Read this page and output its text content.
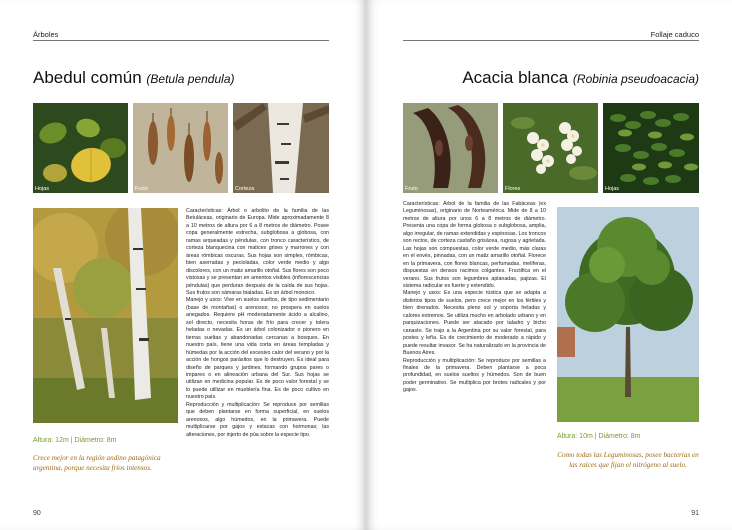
Árboles
Abedul común (Betula pendula)
Hojas	Fruto	Corteza
Altura: 12m | Diámetro: 8m
Crece mejor en la región andino patagónica argentina, porque necesita fríos intensos.

Características: Árbol o arbolito de la familia de las Betuláceas, originario de Europa. Mide aproximadamente 8 a 10 metros de altura por 6 a 8 metros de diámetro. Posee copa generalmente estrecha, subglobosa a globosa, con ramas arqueadas y péndulas, con tronco característico, de corteza blanquecina con matices grises y marrones y con áreas rómbicas oscuras. Sus hojas son simples, rómbicas, bien aserradas y pecioladas, color verde medio y algo discolores, con un matiz amarillo otoñal. Sus flores son poco vistosas y se presentan en amentos visibles (inflorescencias péndulas) que perduran después de la caída de sus hojas. Sus frutos son sámaras bialadas. Es un árbol monoico.

Manejo y usos: Vive en suelos sueltos, de tipo sedimentario (base de montañas) o arenosos; no prospera en suelos anegados. Requiere pH moderadamente ácido a alcalino, sol directo, necesita horas de frío para crecer y tolera heladas o nevadas. Es un árbol colonizador o pionero en tierras sueltas y abandonadas cercanas a bosques. En nuestro país, tiene una vida corta en áreas templadas y húmedas por la acción del excesivo calor del verano y por la acción de hongos parásitos que lo destruyen. Es ideal para diseño de parques y jardines, formando grupos pares o impares o en alineación urbana del Sur. Sus hojas se utilizan en medicina popular. Es de poco valor forestal y se lo puede utilizar en mueblería fina. Es de poco cultivo en nuestro país.

Reproducción y multiplicación: Se reproduce por semillas que deben plantarse en forma superficial, en suelos arenosos, algo húmedos, en la primavera. Puede multiplicarse por gajos y estacas con hormonas; las alteraciones, por injerto de púa sobre la especie tipo.

90
Follaje caduco
Acacia blanca (Robinia pseudoacacia)
Fruto	Flores	Hojas

Características: Árbol de la familia de las Fabáceas (ex Leguminosas), originario de Norteamérica. Mide de 8 a 10 metros de altura por unos 6 a 8 metros de diámetro. Presenta una copa de forma globosa o subglobosa, amplia, algo irregular, de ramas extendidas y espinosas. Los troncos son rectos, de corteza castaño grisácea, rugosa y agrietada. Las hojas son compuestas, color verde medio, más claras en el envés, pinnadas, con un matiz amarillo otoñal. Florece en la primavera, con flores blancas, perfumadas, melíferas, dispuestas en densos racimos colgantes. Fructifica en el verano. Sus frutos son legumbres aplanadas, pajizas. El sistema radicular es fuerte y extendido.

Manejo y usos: Es una especie rústica que se adapta a distintos tipos de suelos, pero crece mejor en los fértiles y bien drenados. Necesita pleno sol y soporta heladas y calores extremos. Se utiliza mucho en arbolado urbano y en parquizaciones. Puede ser atacado por taladro y bicho canasto. Se trajo a la Argentina por su valor forestal, para postes y leña. Es de crecimiento de moderado a rápido y puede resultar invasor. Se ha naturalizado en la provincia de Buenos Aires.

Reproducción y multiplicación: Se reproduce por semillas a finales de la primavera. Deben plantarse a poca profundidad, en suelos sueltos y húmedos. Son de buen poder germinativo. Se multiplica por brotes radicales y por gajos.

Altura: 10m | Diámetro: 8m
Como todas las Leguminosas, posee bacterias en las raíces que fijan el nitrógeno al suelo.
91
